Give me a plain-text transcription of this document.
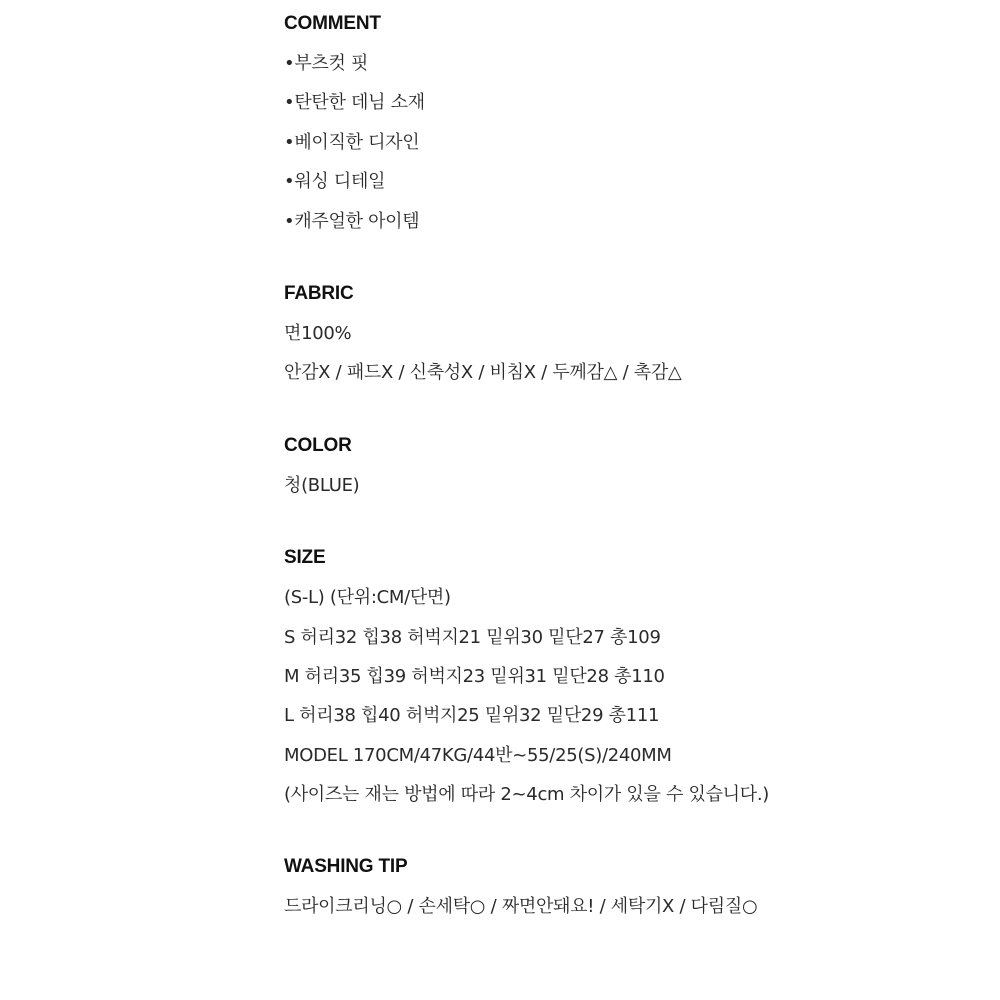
COMMENT
•부츠컷 핏
•탄탄한 데님 소재
•베이직한 디자인
•워싱 디테일
•캐주얼한 아이템
FABRIC
면100%
안감X / 패드X / 신축성X / 비침X / 두께감△ / 촉감△
COLOR
청(BLUE)
SIZE
(S-L) (단위:CM/단면)
S 허리32 힙38 허벅지21 밑위30 밑단27 총109
M 허리35 힙39 허벅지23 밑위31 밑단28 총110
L 허리38 힙40 허벅지25 밑위32 밑단29 총111
MODEL 170CM/47KG/44반~55/25(S)/240MM
(사이즈는 재는 방법에 따라 2~4cm 차이가 있을 수 있습니다.)
WASHING TIP
드라이크리닝○ / 손세탁○ / 짜면안돼요! / 세탁기X / 다림질○
